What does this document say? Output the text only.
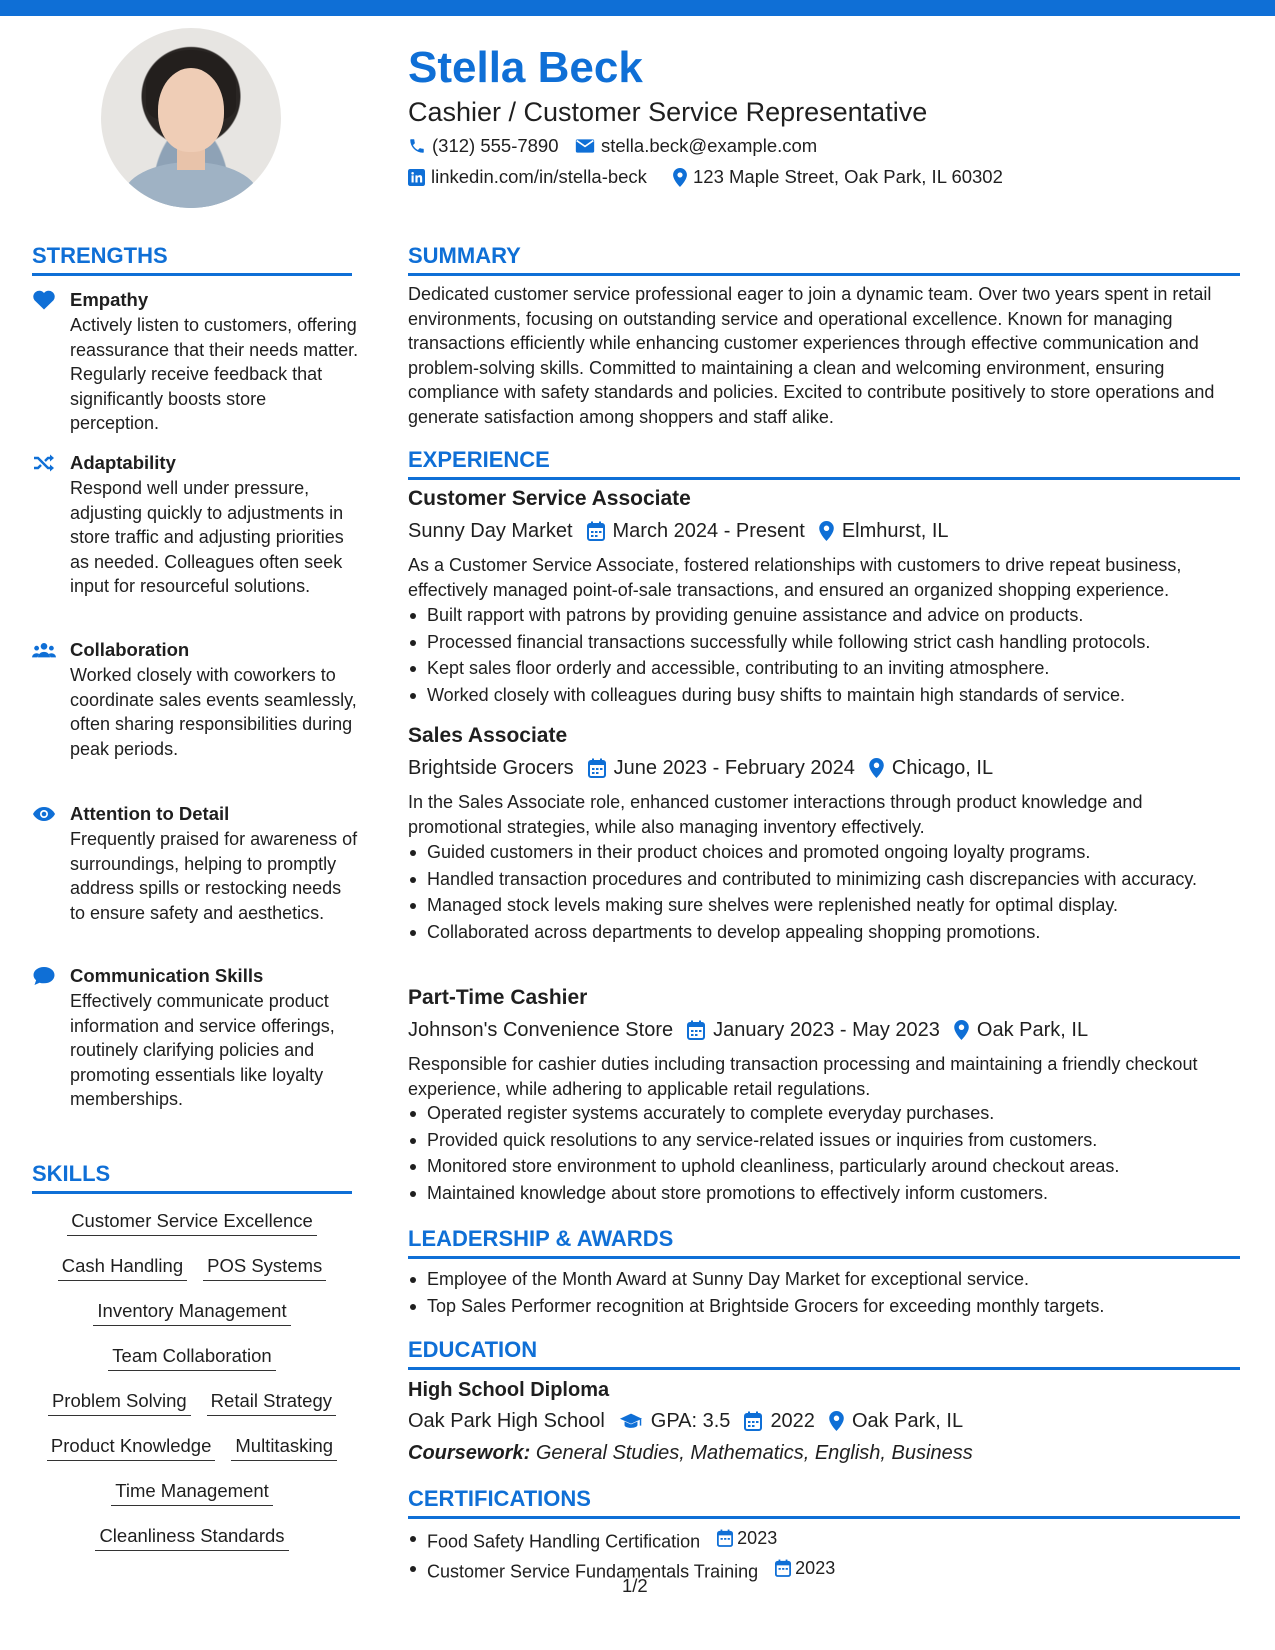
Stella Beck
Cashier / Customer Service Representative
(312) 555-7890 stella.beck@example.com
linkedin.com/in/stella-beck 123 Maple Street, Oak Park, IL 60302
STRENGTHS
Empathy
Actively listen to customers, offering reassurance that their needs matter. Regularly receive feedback that significantly boosts store perception.
Adaptability
Respond well under pressure, adjusting quickly to adjustments in store traffic and adjusting priorities as needed. Colleagues often seek input for resourceful solutions.
Collaboration
Worked closely with coworkers to coordinate sales events seamlessly, often sharing responsibilities during peak periods.
Attention to Detail
Frequently praised for awareness of surroundings, helping to promptly address spills or restocking needs to ensure safety and aesthetics.
Communication Skills
Effectively communicate product information and service offerings, routinely clarifying policies and promoting essentials like loyalty memberships.
SKILLS
Customer Service Excellence
Cash Handling POS Systems
Inventory Management
Team Collaboration
Problem Solving Retail Strategy
Product Knowledge Multitasking
Time Management
Cleanliness Standards
SUMMARY
Dedicated customer service professional eager to join a dynamic team. Over two years spent in retail environments, focusing on outstanding service and operational excellence. Known for managing transactions efficiently while enhancing customer experiences through effective communication and problem-solving skills. Committed to maintaining a clean and welcoming environment, ensuring compliance with safety standards and policies. Excited to contribute positively to store operations and generate satisfaction among shoppers and staff alike.
EXPERIENCE
Customer Service Associate
Sunny Day Market March 2024 - Present Elmhurst, IL
As a Customer Service Associate, fostered relationships with customers to drive repeat business, effectively managed point-of-sale transactions, and ensured an organized shopping experience.
Built rapport with patrons by providing genuine assistance and advice on products.
Processed financial transactions successfully while following strict cash handling protocols.
Kept sales floor orderly and accessible, contributing to an inviting atmosphere.
Worked closely with colleagues during busy shifts to maintain high standards of service.
Sales Associate
Brightside Grocers June 2023 - February 2024 Chicago, IL
In the Sales Associate role, enhanced customer interactions through product knowledge and promotional strategies, while also managing inventory effectively.
Guided customers in their product choices and promoted ongoing loyalty programs.
Handled transaction procedures and contributed to minimizing cash discrepancies with accuracy.
Managed stock levels making sure shelves were replenished neatly for optimal display.
Collaborated across departments to develop appealing shopping promotions.
Part-Time Cashier
Johnson's Convenience Store January 2023 - May 2023 Oak Park, IL
Responsible for cashier duties including transaction processing and maintaining a friendly checkout experience, while adhering to applicable retail regulations.
Operated register systems accurately to complete everyday purchases.
Provided quick resolutions to any service-related issues or inquiries from customers.
Monitored store environment to uphold cleanliness, particularly around checkout areas.
Maintained knowledge about store promotions to effectively inform customers.
LEADERSHIP & AWARDS
Employee of the Month Award at Sunny Day Market for exceptional service.
Top Sales Performer recognition at Brightside Grocers for exceeding monthly targets.
EDUCATION
High School Diploma
Oak Park High School GPA: 3.5 2022 Oak Park, IL
Coursework:
General Studies, Mathematics, English, Business
CERTIFICATIONS
Food Safety Handling Certification 2023
Customer Service Fundamentals Training 2023
1/2
